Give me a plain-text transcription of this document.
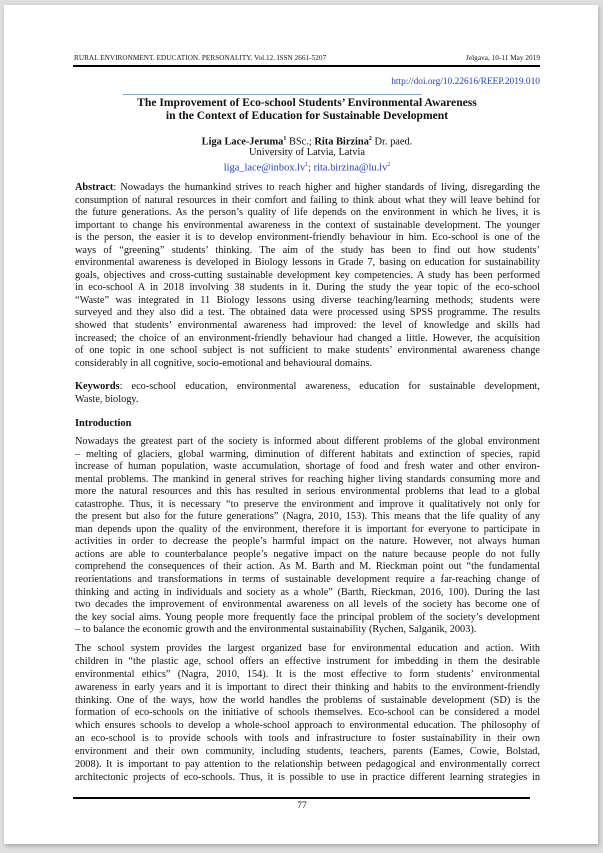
RURAL ENVIRONMENT. EDUCATION. PERSONALITY. Vol.12. ISSN 2661-5207	Jelgava, 10-11 May 2019
http://doi.org/10.22616/REEP.2019.010
The Improvement of Eco-school Students’ Environmental Awareness
in the Context of Education for Sustainable Development
Liga Lace-Jeruma$^1$ BSc.; Rita Birzina$^2$ Dr. paed.
University of Latvia, Latvia
$liga\_lace@inbox.lv^1$; $rita.birzina@lu.lv^2$
Abstract: Nowadays the humankind strives to reach higher and higher standards of living, disregarding the
consumption of natural resources in their comfort and failing to think about what they will leave behind for
the future generations. As the person’s quality of life depends on the environment in which he lives, it is
important to change his environmental awareness in the context of sustainable development. The younger
is the person, the easier it is to develop environment-friendly behaviour in him. Eco-school is one of the
ways of “greening” students’ thinking. The aim of the study has been to find out how students’
environmental awareness is developed in Biology lessons in Grade 7, basing on education for sustainability
goals, objectives and cross-cutting sustainable development key competencies. A study has been performed
in eco-school A in 2018 involving 38 students in it. During the study the year topic of the eco-school
“Waste” was integrated in 11 Biology lessons using diverse teaching/learning methods; students were
surveyed and they also did a test. The obtained data were processed using SPSS programme. The results
showed that students’ environmental awareness had improved: the level of knowledge and skills had
increased; the choice of an environment-friendly behaviour had changed a little. However, the acquisition
of one topic in one school subject is not sufficient to make students’ environmental awareness change
considerably in all cognitive, socio-emotional and behavioural domains.
Keywords: eco-school education, environmental awareness, education for sustainable development,
Waste, biology.
Introduction
Nowadays the greatest part of the society is informed about different problems of the global environment
– melting of glaciers, global warming, diminution of different habitats and extinction of species, rapid
increase of human population, waste accumulation, shortage of food and fresh water and other environ-
mental problems. The mankind in general strives for reaching higher living standards consuming more and
more the natural resources and this has resulted in serious environmental problems that lead to a global
catastrophe. Thus, it is necessary “to preserve the environment and improve it qualitatively not only for
the present but also for the future generations” (Nagra, 2010, 153). This means that the life quality of any
man depends upon the quality of the environment, therefore it is important for everyone to participate in
activities in order to decrease the people’s harmful impact on the nature. However, not always human
actions are able to counterbalance people’s negative impact on the nature because people do not fully
comprehend the consequences of their action. As M. Barth and M. Rieckman point out “the fundamental
reorientations and transformations in terms of sustainable development require a far-reaching change of
thinking and acting in individuals and society as a whole” (Barth, Rieckman, 2016, 100). During the last
two decades the improvement of environmental awareness on all levels of the society has become one of
the key social aims. Young people more frequently face the principal problem of the society’s development
– to balance the economic growth and the environmental sustainability (Rychen, Salganik, 2003).
The school system provides the largest organized base for environmental education and action. With
children in “the plastic age, school offers an effective instrument for imbedding in them the desirable
environmental ethics” (Nagra, 2010, 154). It is the most effective to form students’ environmental
awareness in early years and it is important to direct their thinking and habits to the environment-friendly
thinking. One of the ways, how the world handles the problems of sustainable development (SD) is the
formation of eco-schools on the initiative of schools themselves. Eco-school can be considered a model
which ensures schools to develop a whole-school approach to environmental education. The philosophy of
an eco-school is to provide schools with tools and infrastructure to foster sustainability in their own
environment and their own community, including students, teachers, parents (Eames, Cowie, Bolstad,
2008). It is important to pay attention to the relationship between pedagogical and environmentally correct
architectonic projects of eco-schools. Thus, it is possible to use in practice different learning strategies in
77
